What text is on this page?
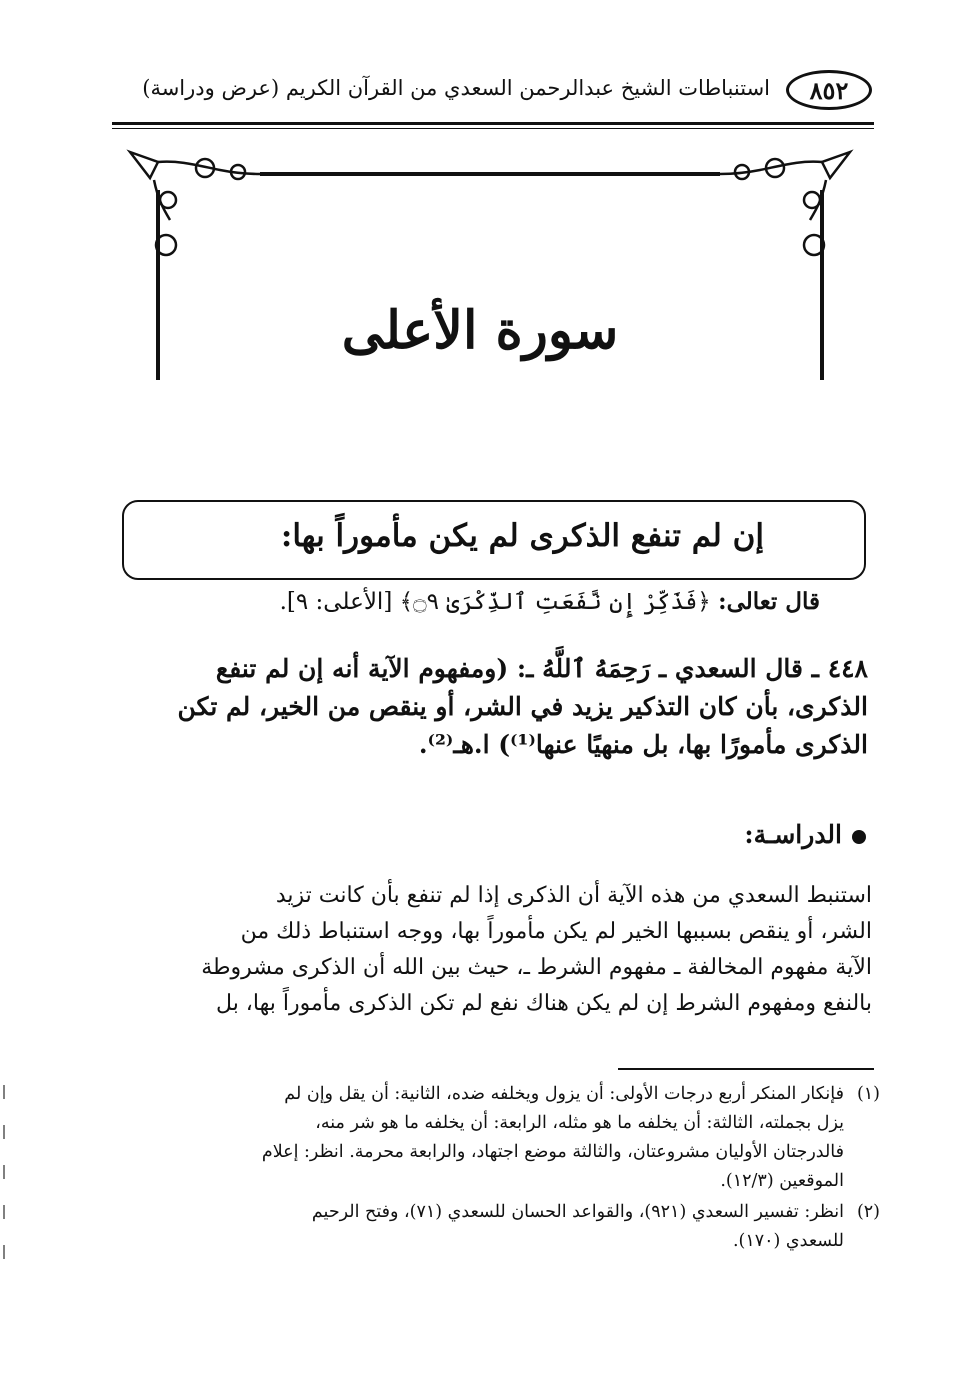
٨٥٢
استنباطات الشيخ عبدالرحمن السعدي من القرآن الكريم (عرض ودراسة)
سورة الأعلى
إن لم تنفع الذكرى لم يكن مأموراً بها:
قال تعالى: ﴿فَذَكِّرْ إِن نَّفَعَتِ ٱلذِّكْرَىٰ ۝٩﴾ [الأعلى: ٩].
٤٤٨ ـ قال السعدي ـ رَحِمَهُ ٱللَّهُ ـ: (ومفهوم الآية أنه إن لم تنفع
الذكرى، بأن كان التذكير يزيد في الشر، أو ينقص من الخير، لم تكن
الذكرى مأمورًا بها، بل منهيًا عنها⁽¹⁾) ا.هـ⁽²⁾.
الدراسـة:
استنبط السعدي من هذه الآية أن الذكرى إذا لم تنفع بأن كانت تزيد
الشر، أو ينقص بسببها الخير لم يكن مأموراً بها، ووجه استنباط ذلك من
الآية مفهوم المخالفة ـ مفهوم الشرط ـ، حيث بين الله أن الذكرى مشروطة
بالنفع ومفهوم الشرط إن لم يكن هناك نفع لم تكن الذكرى مأموراً بها، بل
(١)
فإنكار المنكر أربع درجات الأولى: أن يزول ويخلفه ضده، الثانية: أن يقل وإن لم
يزل بجملته، الثالثة: أن يخلفه ما هو مثله، الرابعة: أن يخلفه ما هو شر منه،
فالدرجتان الأوليان مشروعتان، والثالثة موضع اجتهاد، والرابعة محرمة. انظر: إعلام
الموقعين (١٢/٣).
(٢)
انظر: تفسير السعدي (٩٢١)، والقواعد الحسان للسعدي (٧١)، وفتح الرحيم
للسعدي (١٧٠).
